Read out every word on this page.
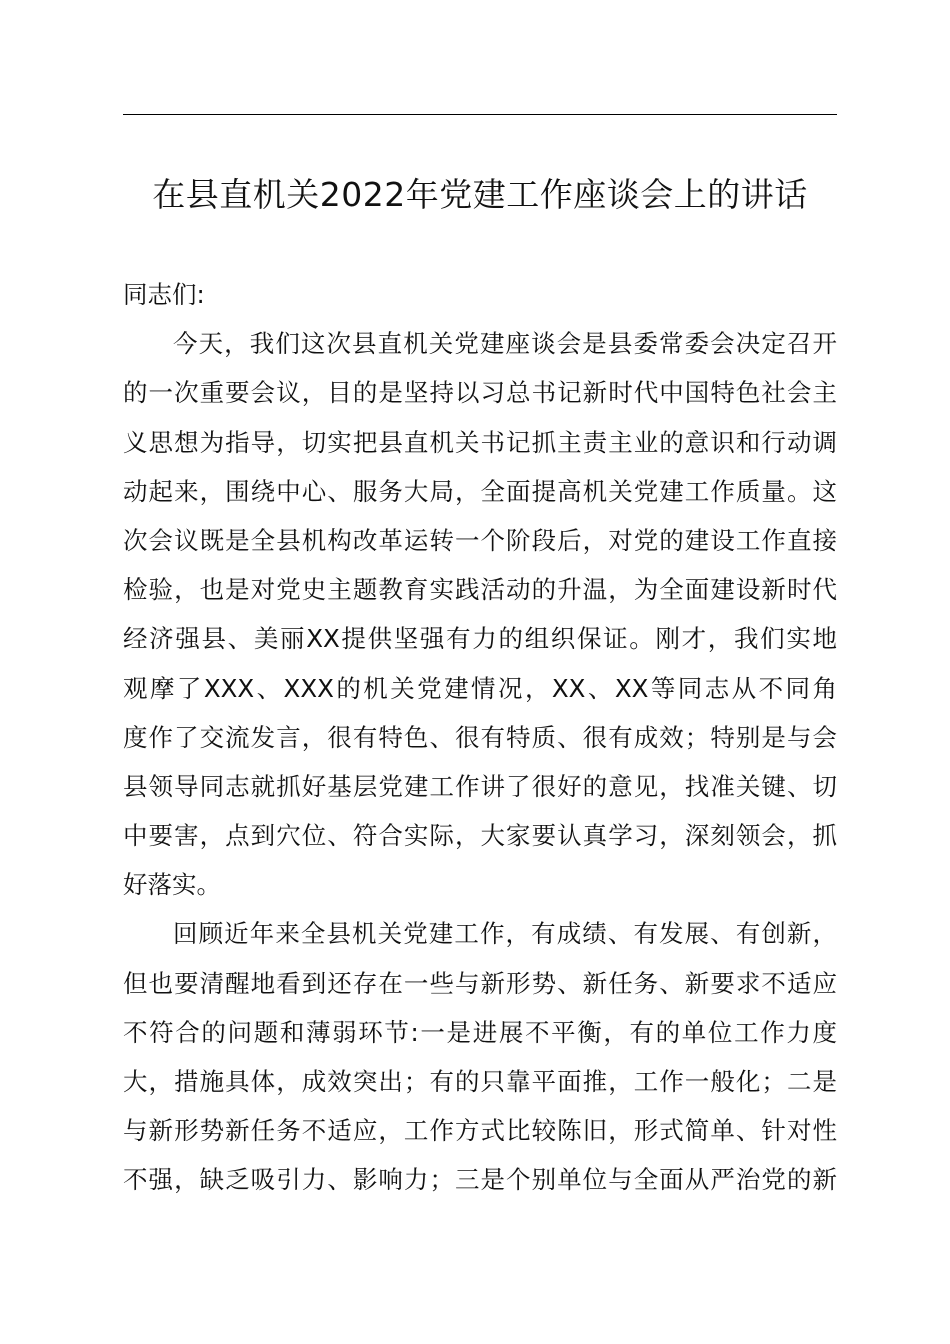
在县直机关2022年党建工作座谈会上的讲话
同志们:
今天，我们这次县直机关党建座谈会是县委常委会决定召开
的一次重要会议，目的是坚持以习总书记新时代中国特色社会主
义思想为指导，切实把县直机关书记抓主责主业的意识和行动调
动起来，围绕中心、服务大局，全面提高机关党建工作质量。这
次会议既是全县机构改革运转一个阶段后，对党的建设工作直接
检验，也是对党史主题教育实践活动的升温，为全面建设新时代
经济强县、美丽XX提供坚强有力的组织保证。刚才，我们实地
观摩了XXX、XXX的机关党建情况，XX、XX等同志从不同角
度作了交流发言，很有特色、很有特质、很有成效；特别是与会
县领导同志就抓好基层党建工作讲了很好的意见，找准关键、切
中要害，点到穴位、符合实际，大家要认真学习，深刻领会，抓
好落实。
回顾近年来全县机关党建工作，有成绩、有发展、有创新，
但也要清醒地看到还存在一些与新形势、新任务、新要求不适应
不符合的问题和薄弱环节:一是进展不平衡，有的单位工作力度
大，措施具体，成效突出；有的只靠平面推，工作一般化；二是
与新形势新任务不适应，工作方式比较陈旧，形式简单、针对性
不强，缺乏吸引力、影响力；三是个别单位与全面从严治党的新
